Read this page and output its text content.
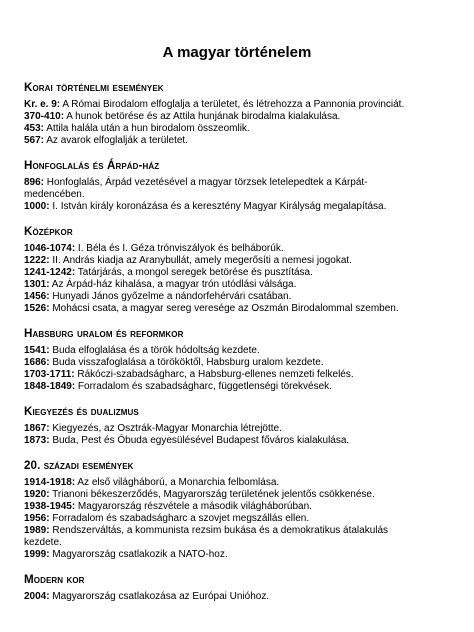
A magyar történelem
Korai történelmi események

Kr. e. 9: A Római Birodalom elfoglalja a területet, és létrehozza a Pannonia provinciát.

370-410: A hunok betörése és az Attila hunjának birodalma kialakulása.

453: Attila halála után a hun birodalom összeomlik.

567: Az avarok elfoglalják a területet.

Honfoglalás és Árpád-ház

896: Honfoglalás, Árpád vezetésével a magyar törzsek letelepedtek a Kárpát-medencében.

1000: I. István király koronázása és a keresztény Magyar Királyság megalapítása.

Középkor

1046-1074: I. Béla és I. Géza trónviszályok és belháborúk.

1222: II. András kiadja az Aranybullát, amely megerősíti a nemesi jogokat.

1241-1242: Tatárjárás, a mongol seregek betörése és pusztítása.

1301: Az Árpád-ház kihalása, a magyar trón utódlási válsága.

1456: Hunyadi János győzelme a nándorfehérvári csatában.

1526: Mohácsi csata, a magyar sereg veresége az Oszmán Birodalommal szemben.

Habsburg uralom és reformkor

1541: Buda elfoglalása és a török hódoltság kezdete.

1686: Buda visszafoglalása a törököktől, Habsburg uralom kezdete.

1703-1711: Rákóczi-szabadságharc, a Habsburg-ellenes nemzeti felkelés.

1848-1849: Forradalom és szabadságharc, függetlenségi törekvések.

Kiegyezés és dualizmus

1867: Kiegyezés, az Osztrák-Magyar Monarchia létrejötte.

1873: Buda, Pest és Óbuda egyesülésével Budapest főváros kialakulása.

20. századi események

1914-1918: Az első világháború, a Monarchia felbomlása.

1920: Trianoni békeszerződés, Magyarország területének jelentős csökkenése.

1938-1945: Magyarország részvétele a második világháborúban.

1956: Forradalom és szabadságharc a szovjet megszállás ellen.

1989: Rendszerváltás, a kommunista rezsim bukása és a demokratikus átalakulás kezdete.

1999: Magyarország csatlakozik a NATO-hoz.

Modern kor

2004: Magyarország csatlakozása az Európai Unióhoz.
